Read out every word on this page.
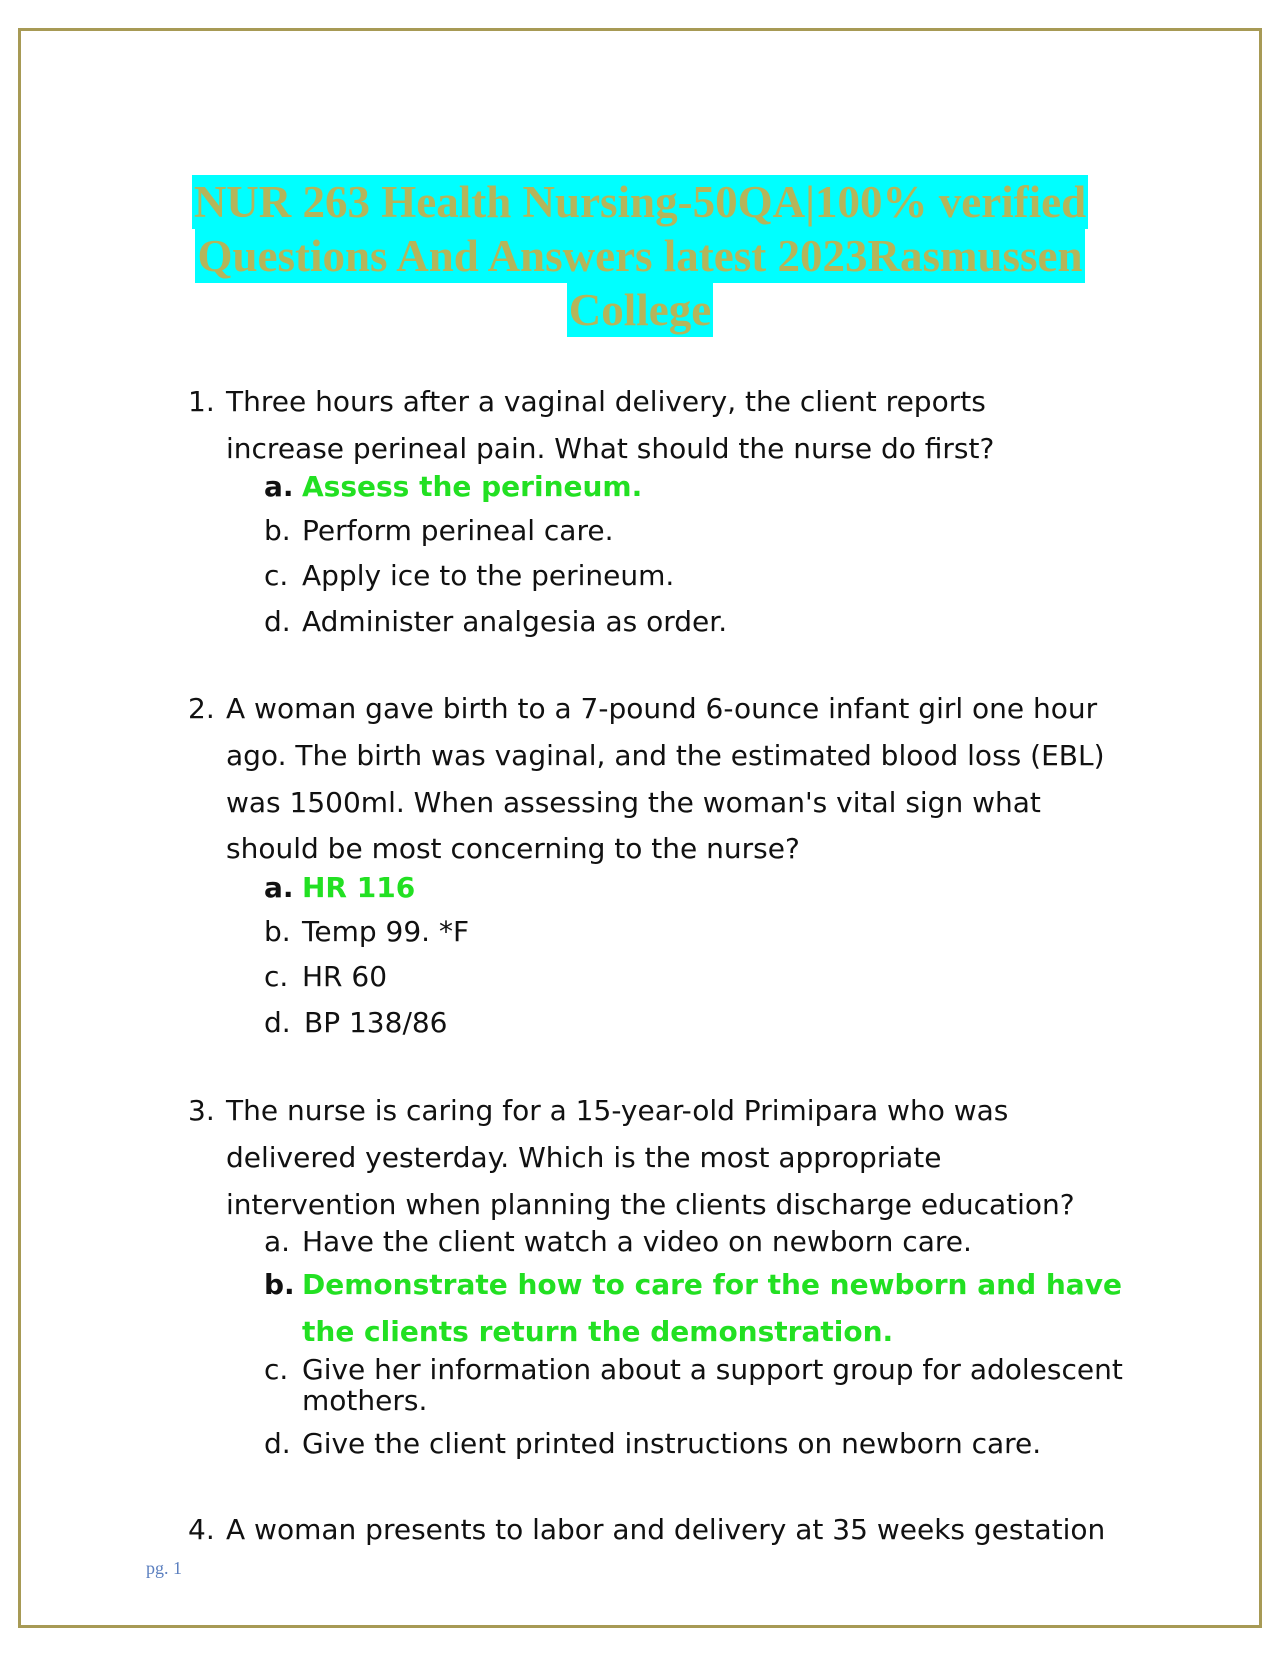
NUR 263 Health Nursing-50QA|100% verified
Questions And Answers latest 2023Rasmussen
College
1. Three hours after a vaginal delivery, the client reports
increase perineal pain. What should the nurse do first?
a. Assess the perineum.
b. Perform perineal care.
c. Apply ice to the perineum.
d. Administer analgesia as order.
2. A woman gave birth to a 7-pound 6-ounce infant girl one hour
ago. The birth was vaginal, and the estimated blood loss (EBL)
was 1500ml. When assessing the woman's vital sign what
should be most concerning to the nurse?
a. HR 116
b. Temp 99. *F
c. HR 60
d. BP 138/86
3. The nurse is caring for a 15-year-old Primipara who was
delivered yesterday. Which is the most appropriate
intervention when planning the clients discharge education?
a. Have the client watch a video on newborn care.
b. Demonstrate how to care for the newborn and have
the clients return the demonstration.
c. Give her information about a support group for adolescent
mothers.
d. Give the client printed instructions on newborn care.
4. A woman presents to labor and delivery at 35 weeks gestation
pg. 1
